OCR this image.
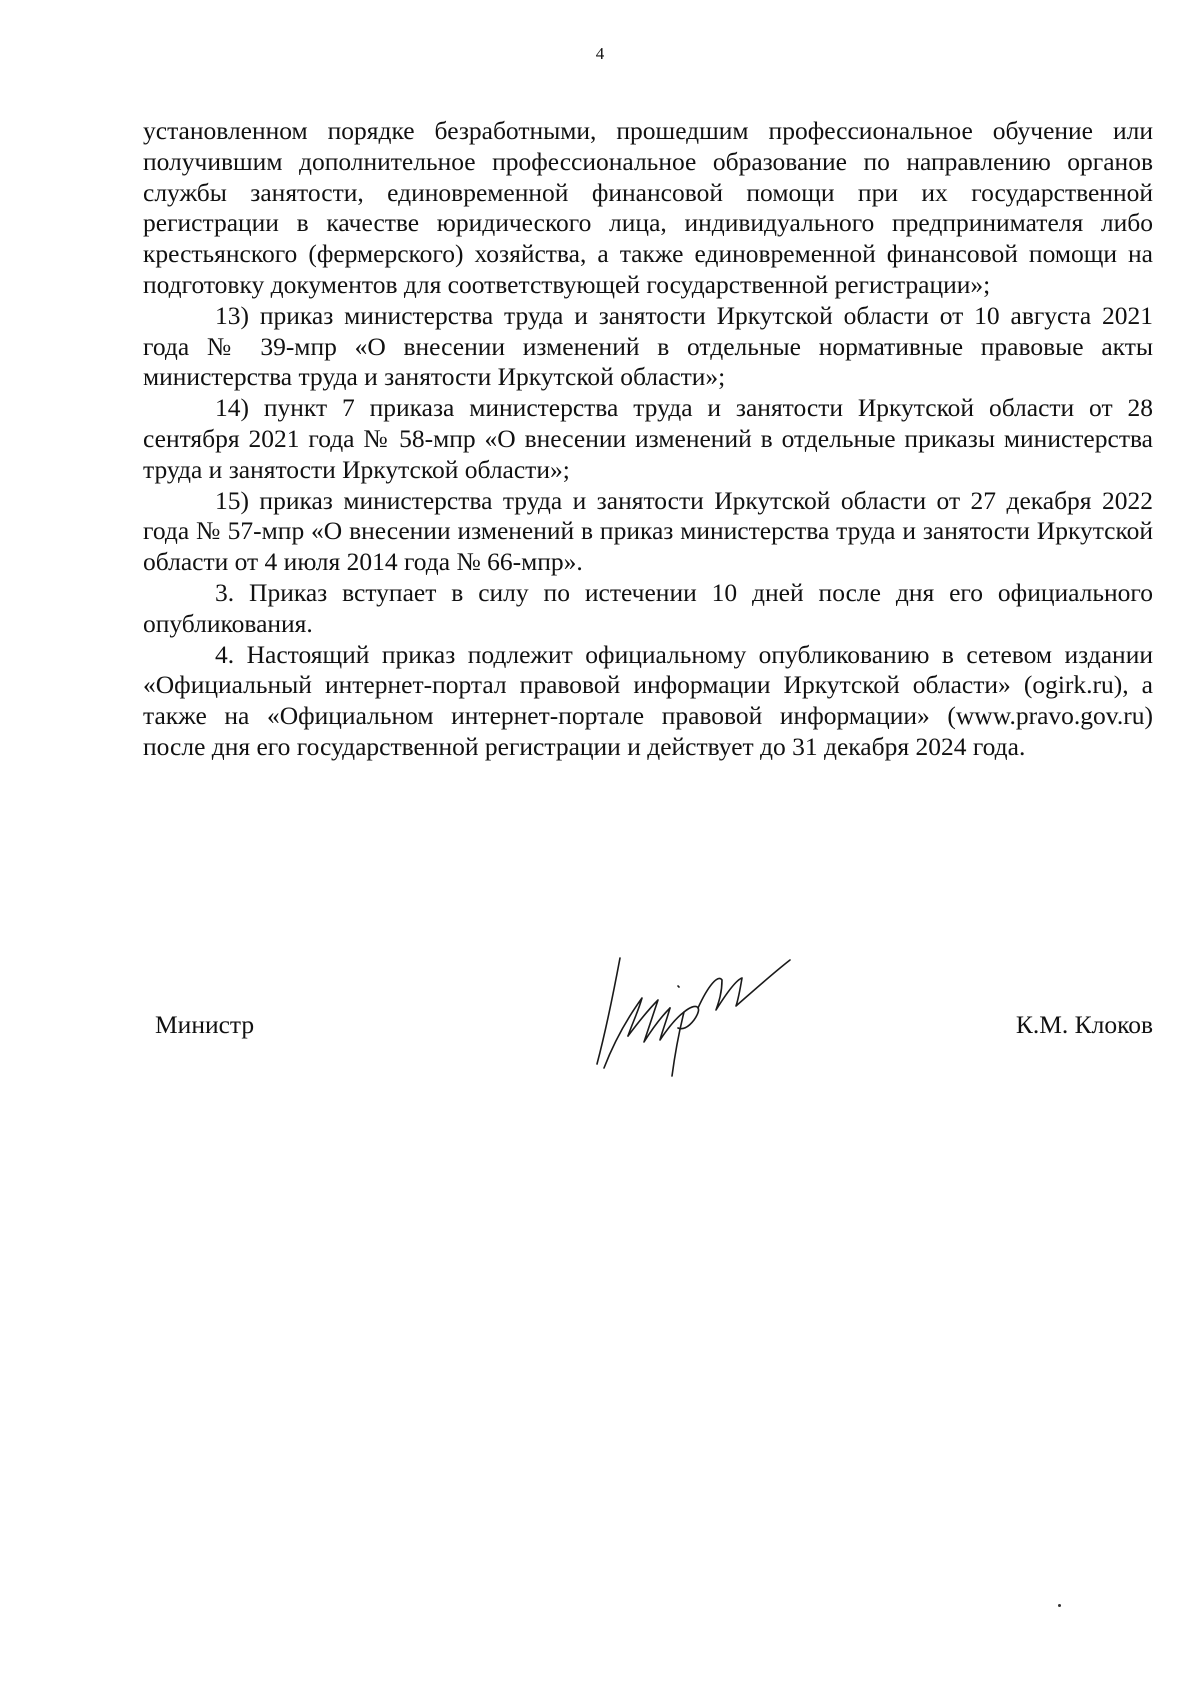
4

установленном порядке безработными, прошедшим профессиональное обучение или получившим дополнительное профессиональное образование по направлению органов службы занятости, единовременной финансовой помощи при их государственной регистрации в качестве юридического лица, индивидуального предпринимателя либо крестьянского (фермерского) хозяйства, а также единовременной финансовой помощи на подготовку документов для соответствующей государственной регистрации»;

13) приказ министерства труда и занятости Иркутской области от 10 августа 2021 года № 39-мпр «О внесении изменений в отдельные нормативные правовые акты министерства труда и занятости Иркутской области»;

14) пункт 7 приказа министерства труда и занятости Иркутской области от 28 сентября 2021 года № 58-мпр «О внесении изменений в отдельные приказы министерства труда и занятости Иркутской области»;

15) приказ министерства труда и занятости Иркутской области от 27 декабря 2022 года № 57-мпр «О внесении изменений в приказ министерства труда и занятости Иркутской области от 4 июля 2014 года № 66-мпр».

3. Приказ вступает в силу по истечении 10 дней после дня его официального опубликования.

4. Настоящий приказ подлежит официальному опубликованию в сетевом издании «Официальный интернет-портал правовой информации Иркутской области» (ogirk.ru), а также на «Официальном интернет-портале правовой информации» (www.pravo.gov.ru) после дня его государственной регистрации и действует до 31 декабря 2024 года.

Министр	К.М. Клоков
